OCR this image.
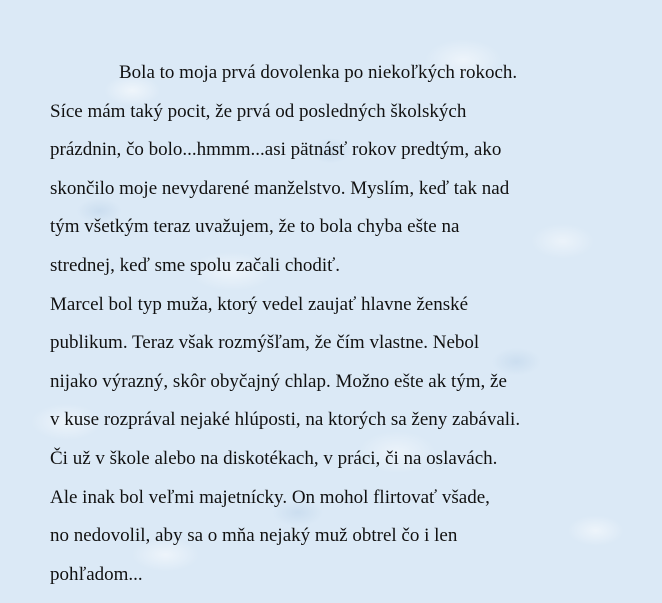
Bola to moja prvá dovolenka po niekoľkých rokoch.
Síce mám taký pocit, že prvá od posledných školských
prázdnin, čo bolo...hmmm...asi pätnásť rokov predtým, ako
skončilo moje nevydarené manželstvo. Myslím, keď tak nad
tým všetkým teraz uvažujem, že to bola chyba ešte na
strednej, keď sme spolu začali chodiť.
Marcel bol typ muža, ktorý vedel zaujať hlavne ženské
publikum. Teraz však rozmýšľam, že čím vlastne. Nebol
nijako výrazný, skôr obyčajný chlap. Možno ešte ak tým, že
v kuse rozprával nejaké hlúposti, na ktorých sa ženy zabávali.
Či už v škole alebo na diskotékach, v práci, či na oslavách.
Ale inak bol veľmi majetnícky. On mohol flirtovať všade,
no nedovolil, aby sa o mňa nejaký muž obtrel čo i len
pohľadom...
